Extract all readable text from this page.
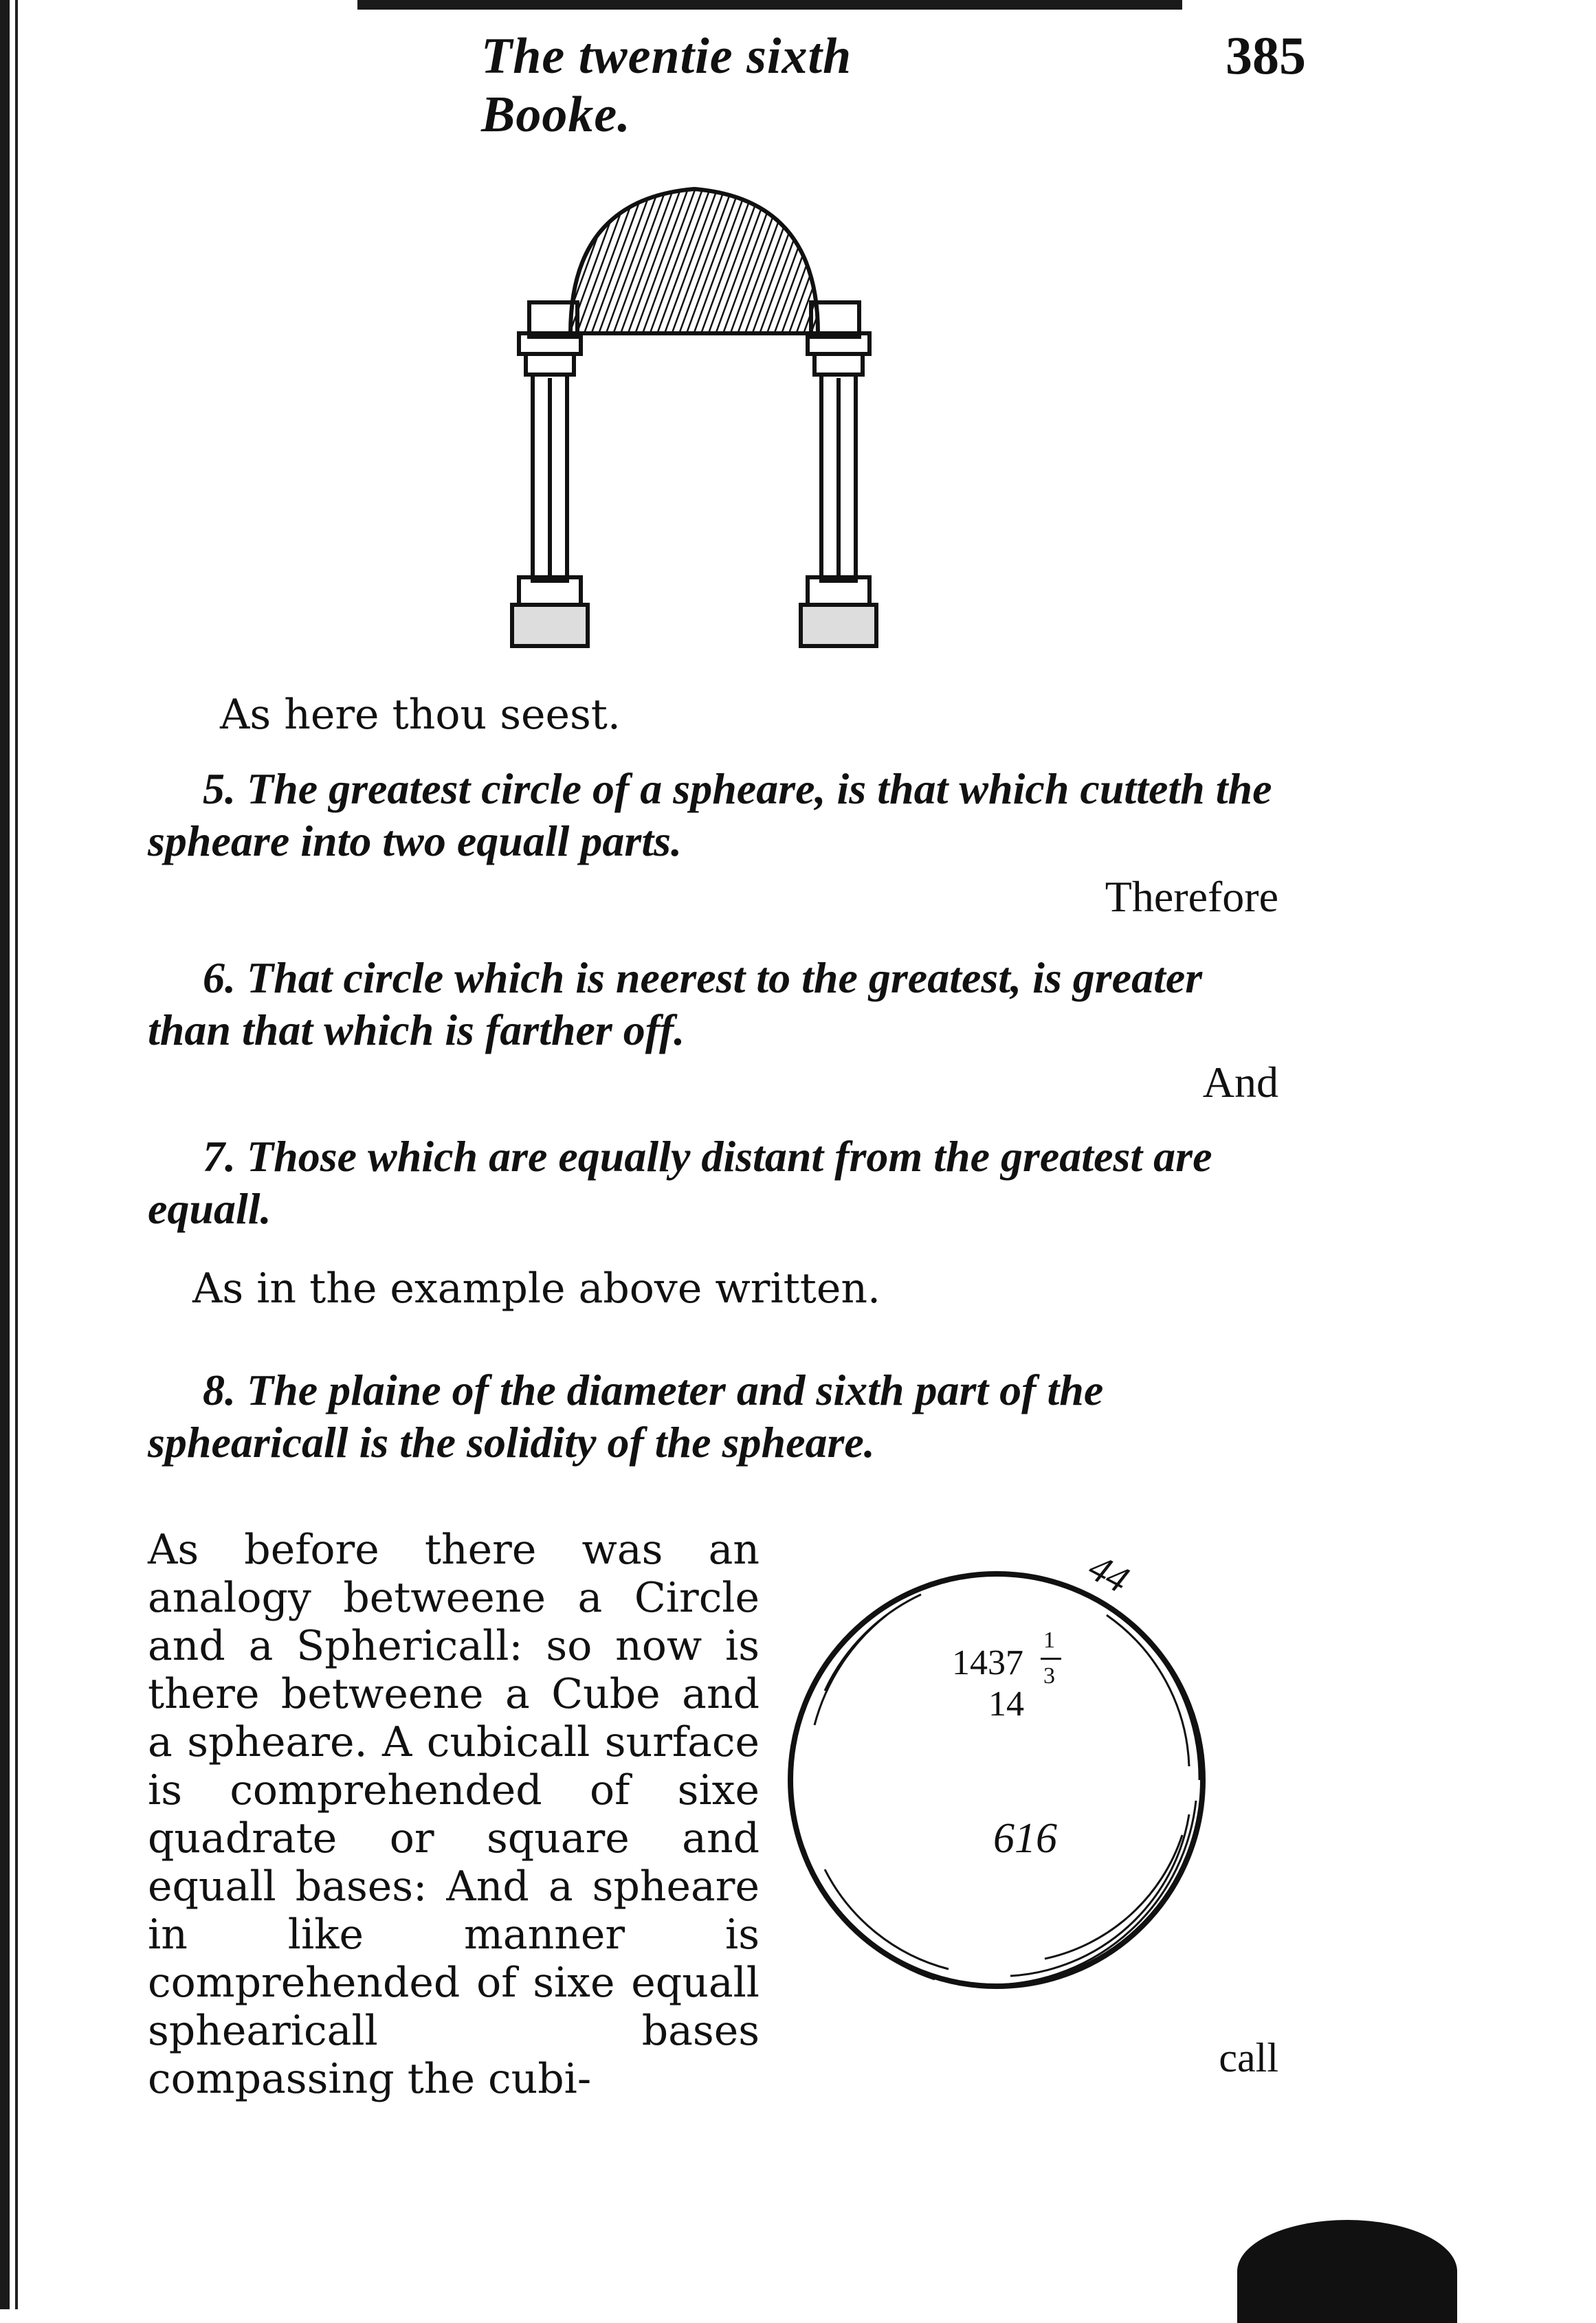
The twentie sixth Booke.
385

As here thou seest.

5. The greatest circle of a spheare, is that which cutteth the spheare into two equall parts.

Therefore

6. That circle which is neerest to the greatest, is greater than that which is farther off.

And

7. Those which are equally distant from the greatest are equall.

As in the example above written.

8. The plaine of the diameter and sixth part of the sphearicall is the solidity of the spheare.

As before there was an analogy betweene a Circle and a Sphericall: so now is there betweene a Cube and a spheare. A cubicall surface is comprehended of sixe quadrate or square and equall bases: And a spheare in like manner is comprehended of sixe equall sphearicall bases compassing the cubi-

44
1437
1
3
14
616
call
